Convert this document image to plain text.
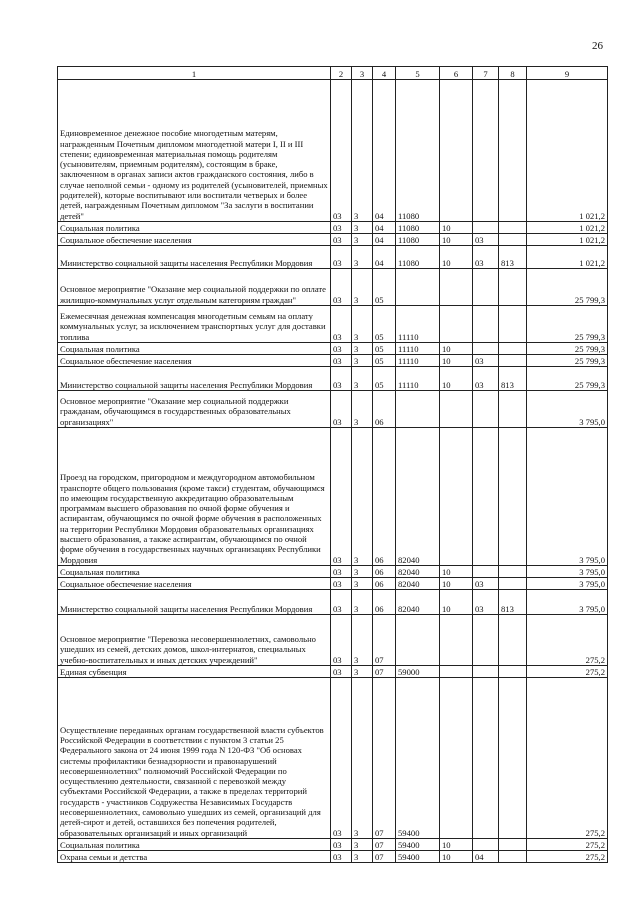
26
1	2	3	4	5	6	7	8	9
Единовременное денежное пособие многодетным матерям, награжденным Почетным дипломом многодетной матери I, II и III степени; единовременная материальная помощь родителям (усыновителям, приемным родителям), состоящим в браке, заключенном в органах записи актов гражданского состояния, либо в случае неполной семьи - одному из родителей (усыновителей, приемных родителей), которые воспитывают или воспитали четверых и более детей, награжденным Почетным дипломом "За заслуги в воспитании детей"	03	3	04	11080				1 021,2
Социальная политика	03	3	04	11080	10			1 021,2
Социальное обеспечение населения	03	3	04	11080	10	03		1 021,2
Министерство социальной защиты населения Республики Мордовия	03	3	04	11080	10	03	813	1 021,2
Основное мероприятие "Оказание мер социальной поддержки по оплате жилищно-коммунальных услуг отдельным категориям граждан"	03	3	05					25 799,3
Ежемесячная денежная компенсация многодетным семьям на оплату коммунальных услуг, за исключением транспортных услуг для доставки топлива	03	3	05	11110				25 799,3
Социальная политика	03	3	05	11110	10			25 799,3
Социальное обеспечение населения	03	3	05	11110	10	03		25 799,3
Министерство социальной защиты населения Республики Мордовия	03	3	05	11110	10	03	813	25 799,3
Основное мероприятие "Оказание мер социальной поддержки гражданам, обучающимся в государственных образовательных организациях"	03	3	06					3 795,0
Проезд на городском, пригородном и междугородном автомобильном транспорте общего пользования (кроме такси) студентам, обучающимся по имеющим государственную аккредитацию образовательным программам высшего образования по очной форме обучения и аспирантам, обучающимся по очной форме обучения в расположенных на территории Республики Мордовия образовательных организациях высшего образования, а также аспирантам, обучающимся по очной форме обучения в государственных научных организациях Республики Мордовия	03	3	06	82040				3 795,0
Социальная политика	03	3	06	82040	10			3 795,0
Социальное обеспечение населения	03	3	06	82040	10	03		3 795,0
Министерство социальной защиты населения Республики Мордовия	03	3	06	82040	10	03	813	3 795,0
Основное мероприятие "Перевозка несовершеннолетних, самовольно ушедших из семей, детских домов, школ-интернатов, специальных учебно-воспитательных и иных детских учреждений"	03	3	07					275,2
Единая субвенция	03	3	07	59000				275,2
Осуществление переданных органам государственной власти субъектов Российской Федерации в соответствии с пунктом 3 статьи 25 Федерального закона от 24 июня 1999 года N 120-ФЗ "Об основах системы профилактики безнадзорности и правонарушений несовершеннолетних" полномочий Российской Федерации по осуществлению деятельности, связанной с перевозкой между субъектами Российской Федерации, а также в пределах территорий государств - участников Содружества Независимых Государств несовершеннолетних, самовольно ушедших из семей, организаций для детей-сирот и детей, оставшихся без попечения родителей, образовательных организаций и иных организаций	03	3	07	59400				275,2
Социальная политика	03	3	07	59400	10			275,2
Охрана семьи и детства	03	3	07	59400	10	04		275,2
